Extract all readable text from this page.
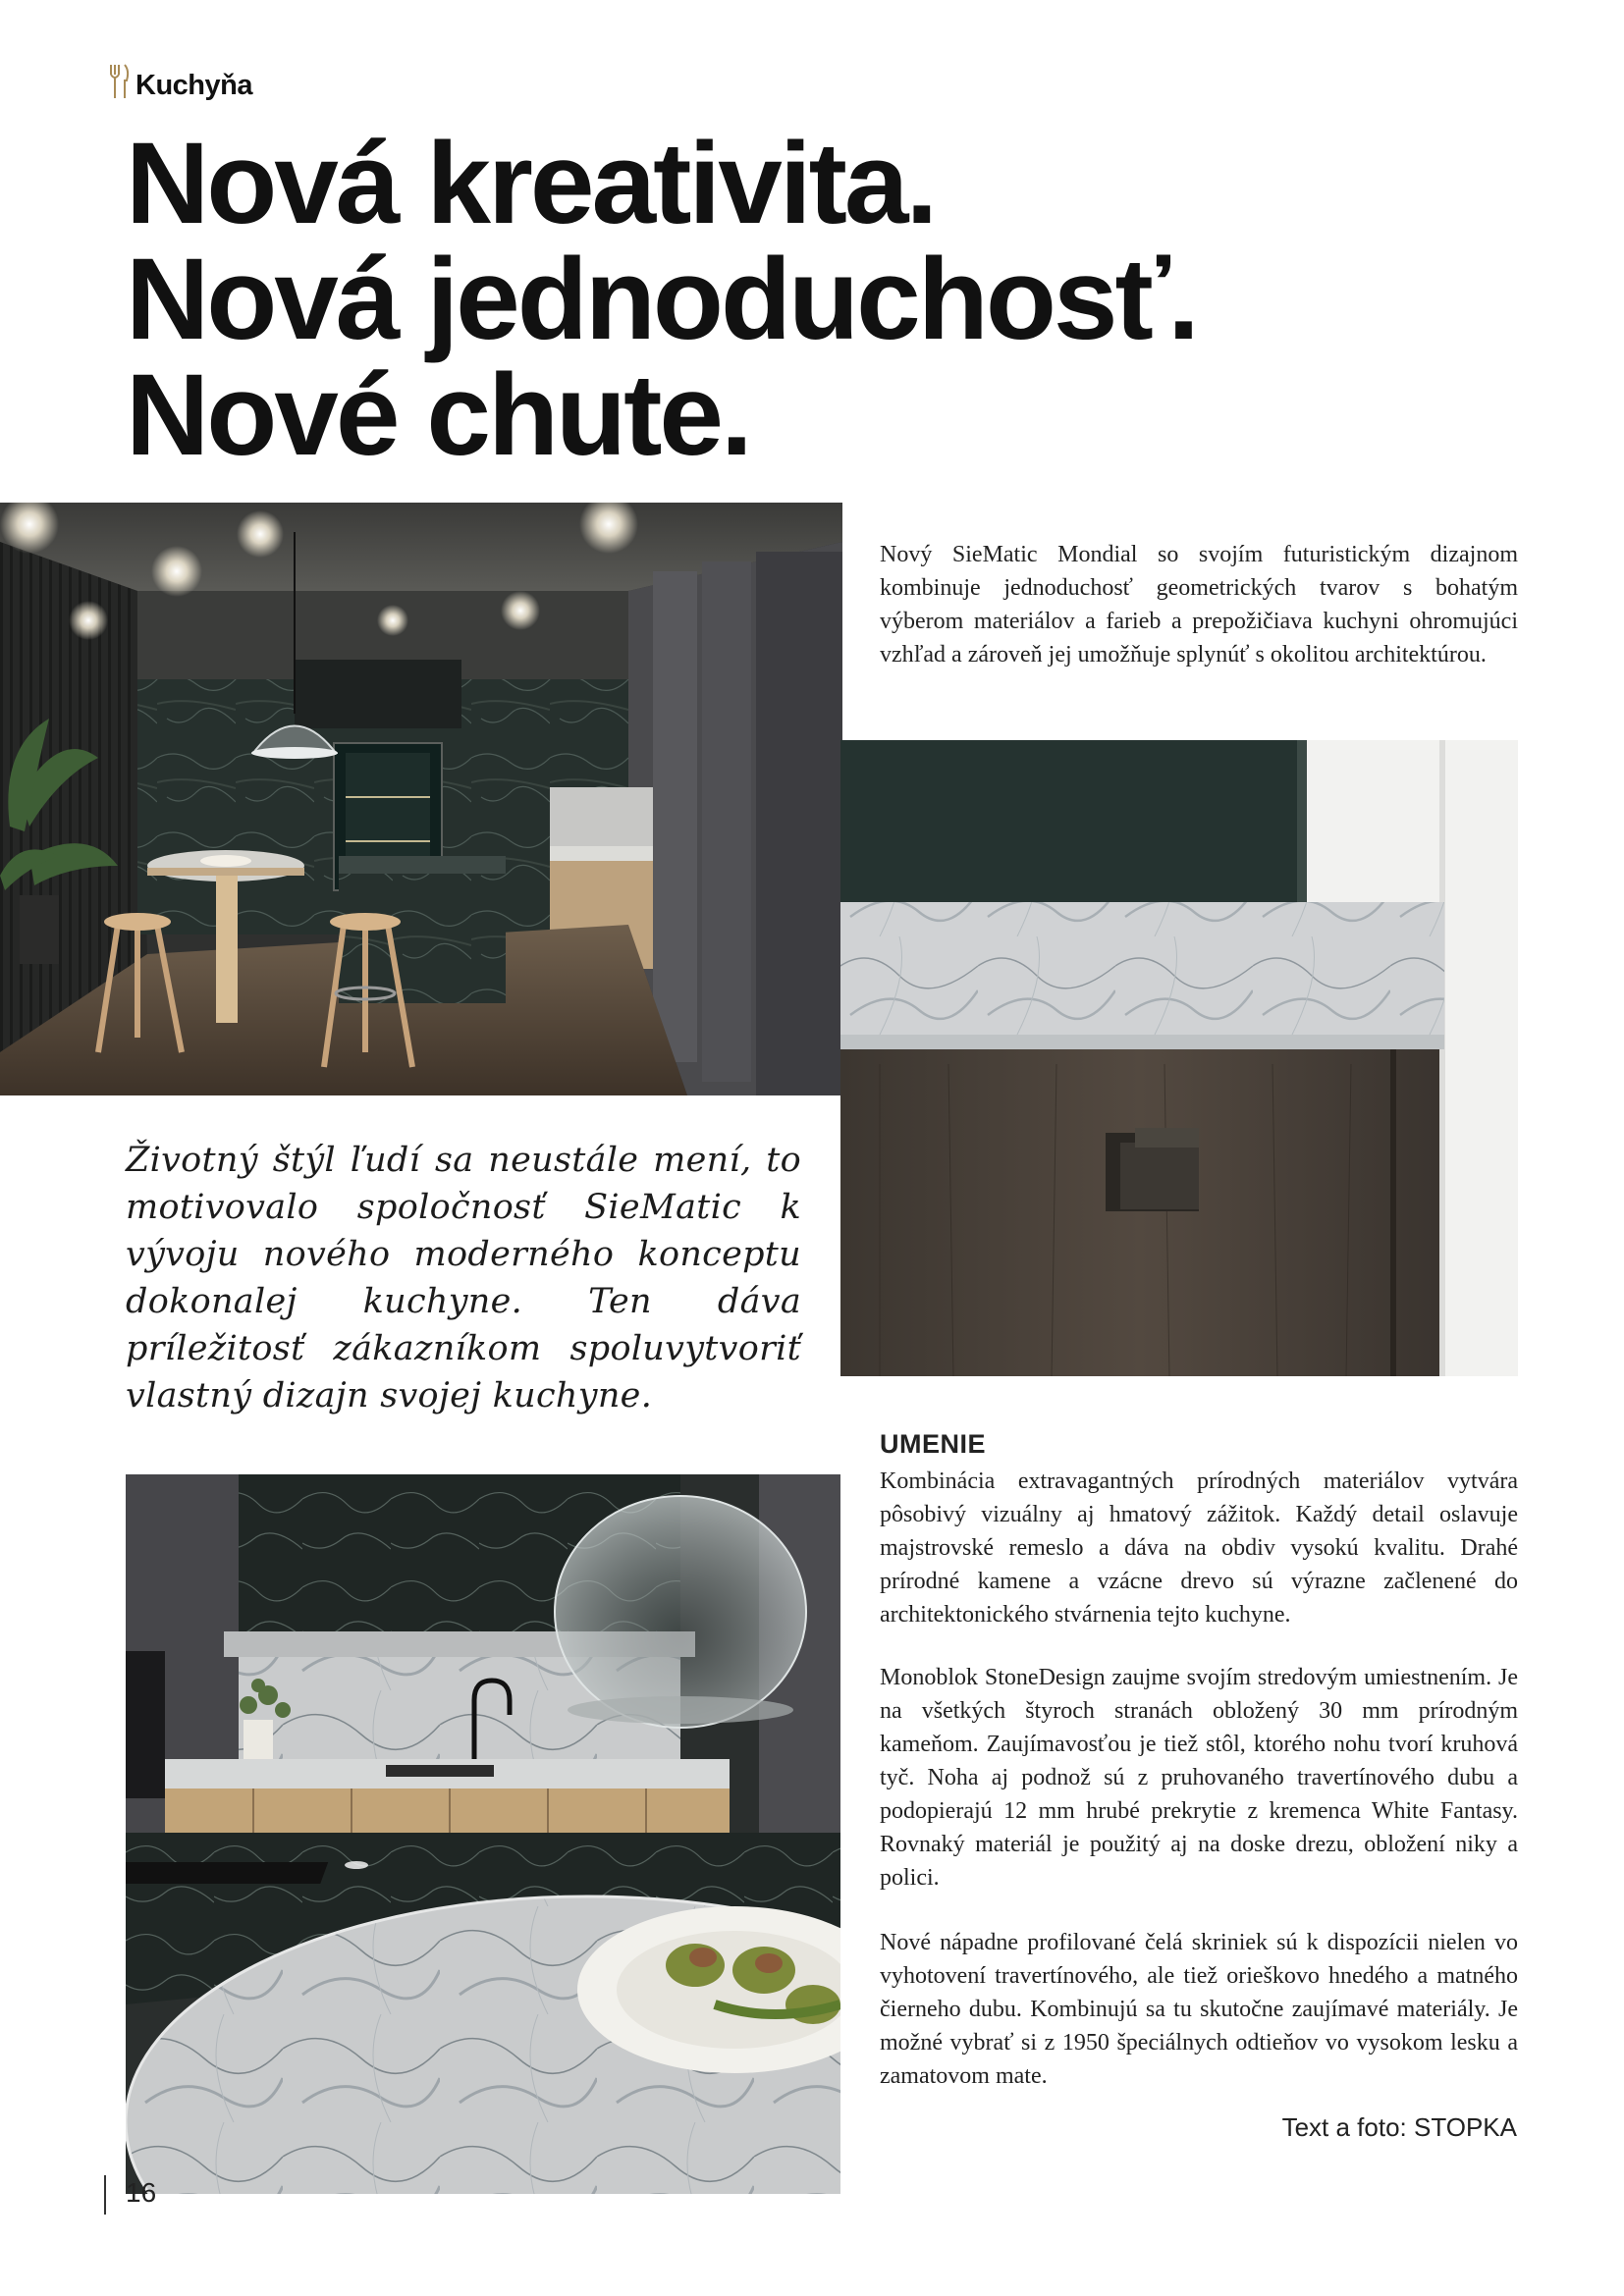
Kuchyňa
Nová kreativita.
Nová jednoduchosť.
Nové chute.
Nový SieMatic Mondial so svojím futuristickým dizajnom kombinuje jednoduchosť geometrických tvarov s bohatým výberom materiálov a farieb a prepožičiava kuchyni ohromujúci vzhľad a zároveň jej umožňuje splynúť s okolitou architektúrou.
Životný štýl ľudí sa neustále mení, to motivovalo spoločnosť SieMatic k vývoju nového moderného konceptu dokonalej kuchyne. Ten dáva príležitosť zákazníkom spoluvytvoriť vlastný dizajn svojej kuchyne.
UMENIE
Kombinácia extravagantných prírodných materiálov vytvára pôsobivý vizuálny aj hmatový zážitok. Každý detail oslavuje majstrovské remeslo a dáva na obdiv vysokú kvalitu. Drahé prírodné kamene a vzácne drevo sú výrazne začlenené do architektonického stvárnenia tejto kuchyne.
Monoblok StoneDesign zaujme svojím stredovým umiestnením. Je na všetkých štyroch stranách obložený 30 mm prírodným kameňom. Zaujímavosťou je tiež stôl, ktorého nohu tvorí kruhová tyč. Noha aj podnož sú z pruhovaného travertínového dubu a podopierajú 12 mm hrubé prekrytie z kremenca White Fantasy. Rovnaký materiál je použitý aj na doske drezu, obložení niky a polici.
Nové nápadne profilované čelá skriniek sú k dispozícii nielen vo vyhotovení travertínového, ale tiež orieškovo hnedého a matného čierneho dubu. Kombinujú sa tu skutočne zaujímavé materiály. Je možné vybrať si z 1950 špeciálnych odtieňov vo vysokom lesku a zamatovom mate.
Text a foto: STOPKA
16
